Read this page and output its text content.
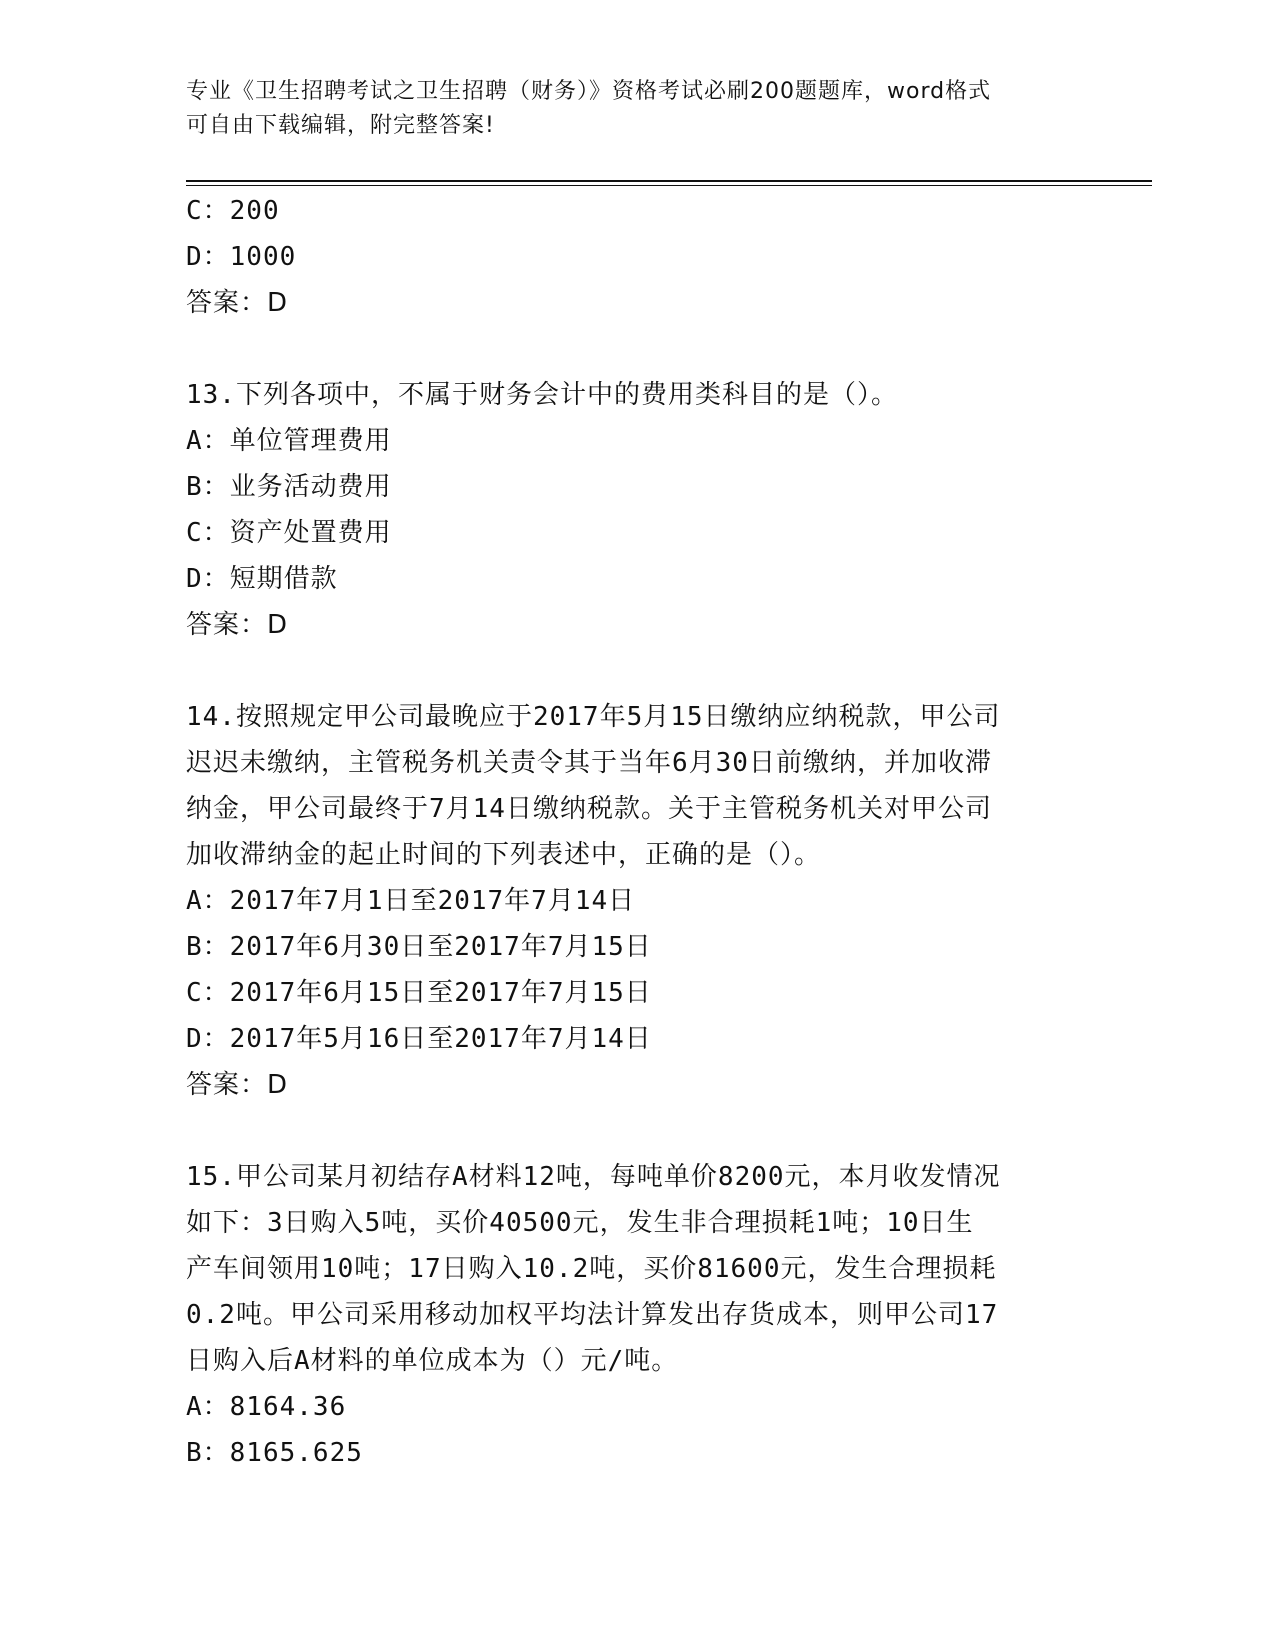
专业《卫生招聘考试之卫生招聘（财务）》资格考试必刷200题题库，word格式
可自由下载编辑，附完整答案!
C：200
D：1000
答案：D
13.下列各项中，不属于财务会计中的费用类科目的是（）。
A：单位管理费用
B：业务活动费用
C：资产处置费用
D：短期借款
答案：D
14.按照规定甲公司最晚应于2017年5月15日缴纳应纳税款，甲公司
迟迟未缴纳，主管税务机关责令其于当年6月30日前缴纳，并加收滞
纳金，甲公司最终于7月14日缴纳税款。关于主管税务机关对甲公司
加收滞纳金的起止时间的下列表述中，正确的是（）。
A：2017年7月1日至2017年7月14日
B：2017年6月30日至2017年7月15日
C：2017年6月15日至2017年7月15日
D：2017年5月16日至2017年7月14日
答案：D
15.甲公司某月初结存A材料12吨，每吨单价8200元，本月收发情况
如下：3日购入5吨，买价40500元，发生非合理损耗1吨；10日生
产车间领用10吨；17日购入10.2吨，买价81600元，发生合理损耗
0.2吨。甲公司采用移动加权平均法计算发出存货成本，则甲公司17
日购入后A材料的单位成本为（）元/吨。
A：8164.36
B：8165.625
